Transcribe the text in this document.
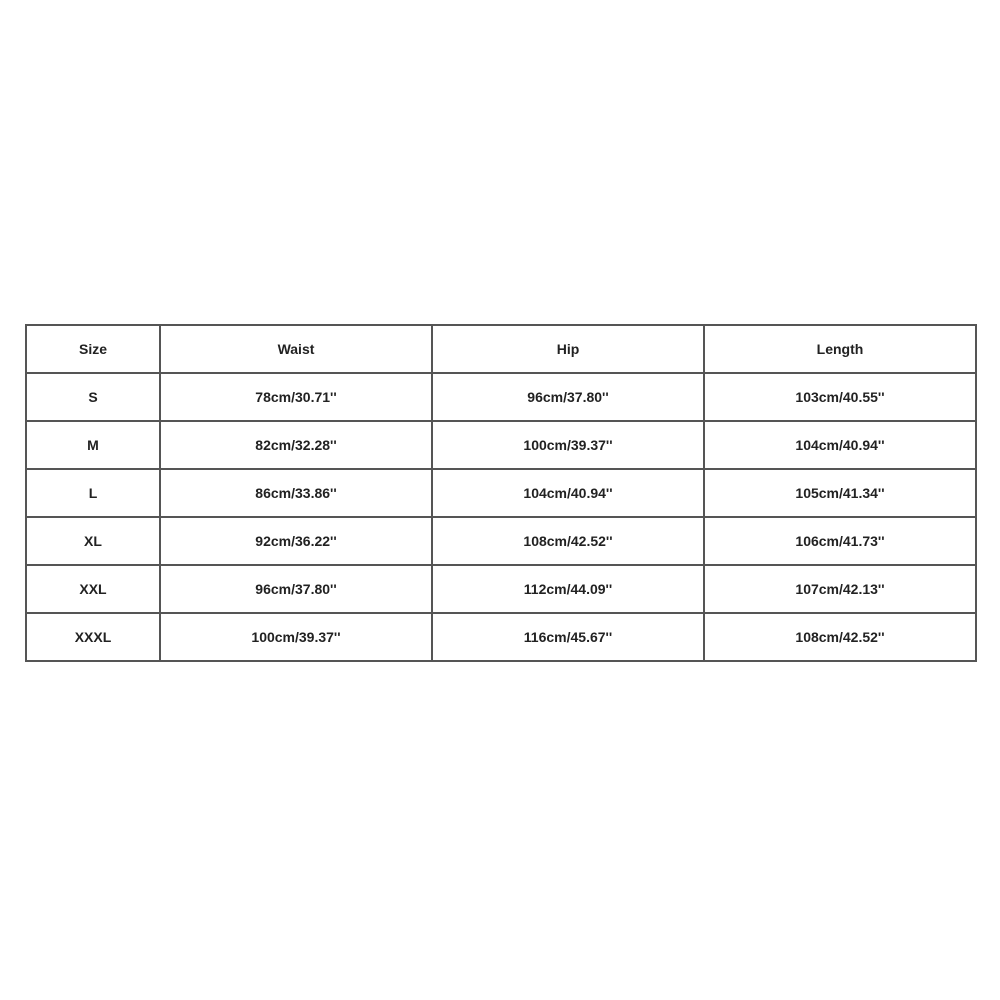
Size	Waist	Hip	Length
S	78cm/30.71''	96cm/37.80''	103cm/40.55''
M	82cm/32.28''	100cm/39.37''	104cm/40.94''
L	86cm/33.86''	104cm/40.94''	105cm/41.34''
XL	92cm/36.22''	108cm/42.52''	106cm/41.73''
XXL	96cm/37.80''	112cm/44.09''	107cm/42.13''
XXXL	100cm/39.37''	116cm/45.67''	108cm/42.52''
